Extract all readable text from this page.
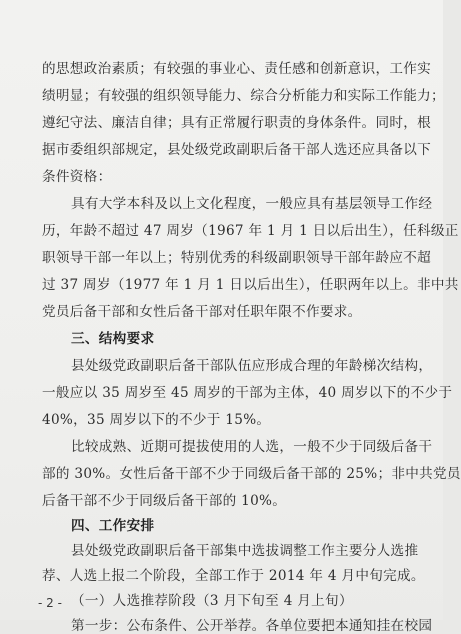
的思想政治素质；有较强的事业心、责任感和创新意识，工作实
绩明显；有较强的组织领导能力、综合分析能力和实际工作能力；
遵纪守法、廉洁自律；具有正常履行职责的身体条件。同时，根
据市委组织部规定，县处级党政副职后备干部人选还应具备以下
条件资格：
具有大学本科及以上文化程度，一般应具有基层领导工作经
历，年龄不超过 47 周岁（1967 年 1 月 1 日以后出生），任科级正
职领导干部一年以上；特别优秀的科级副职领导干部年龄应不超
过 37 周岁（1977 年 1 月 1 日以后出生），任职两年以上。非中共
党员后备干部和女性后备干部对任职年限不作要求。
三、结构要求
县处级党政副职后备干部队伍应形成合理的年龄梯次结构，
一般应以 35 周岁至 45 周岁的干部为主体，40 周岁以下的不少于
40%，35 周岁以下的不少于 15%。
比较成熟、近期可提拔使用的人选，一般不少于同级后备干
部的 30%。女性后备干部不少于同级后备干部的 25%；非中共党员
后备干部不少于同级后备干部的 10%。
四、工作安排
县处级党政副职后备干部集中选拔调整工作主要分人选推
荐、人选上报二个阶段，全部工作于 2014 年 4 月中旬完成。
（一）人选推荐阶段（3 月下旬至 4 月上旬）
第一步：公布条件、公开举荐。各单位要把本通知挂在校园
- 2 -
